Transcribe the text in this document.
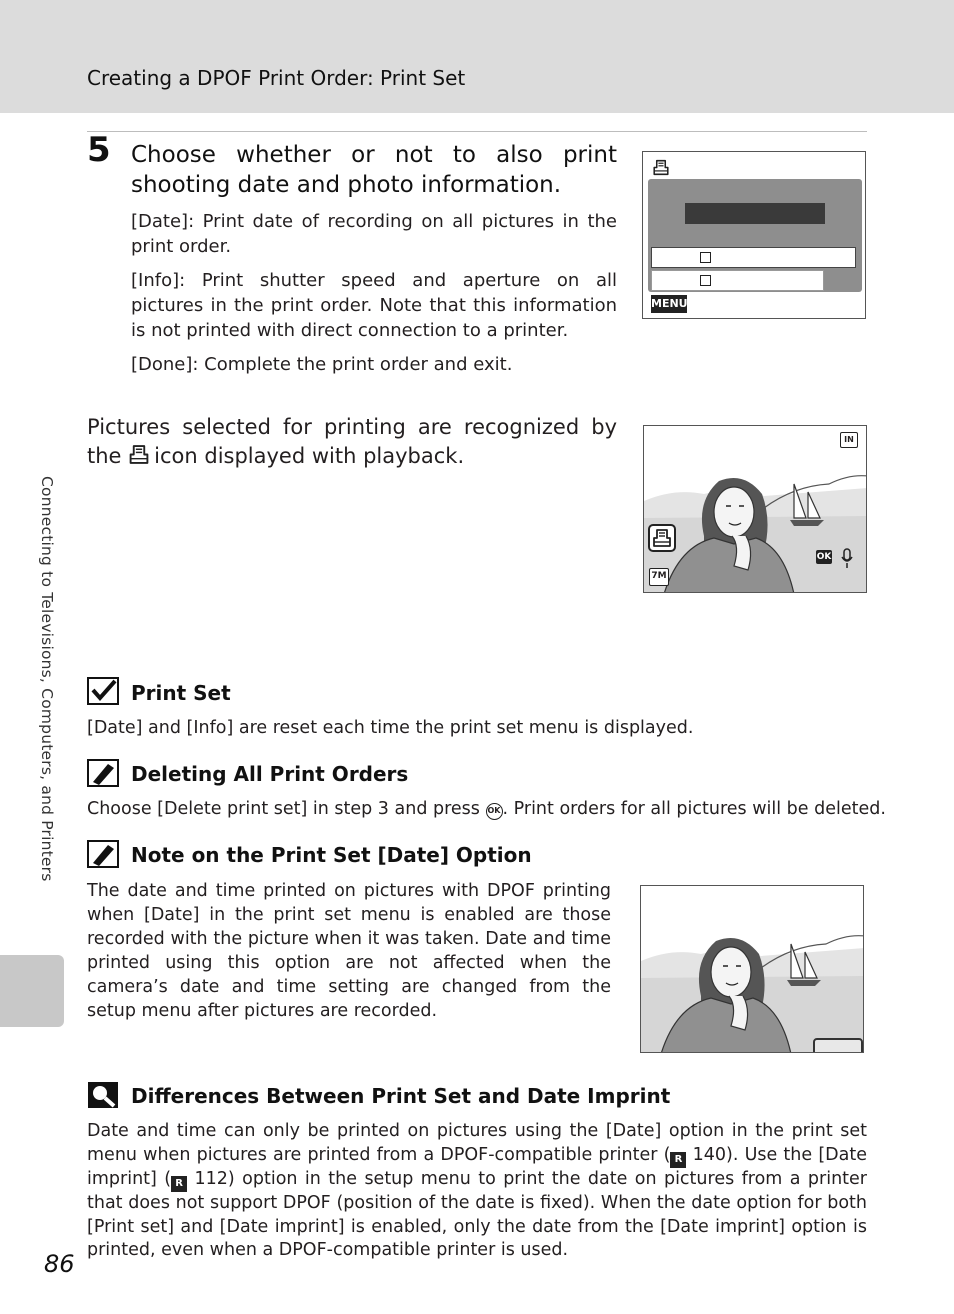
Creating a DPOF Print Order: Print Set
Connecting to Televisions, Computers, and Printers
5 Choose whether or not to also print shooting date and photo information.
[Date]: Print date of recording on all pictures in the print order.
[Info]: Print shutter speed and aperture on all pictures in the print order. Note that this information is not printed with direct connection to a printer.
[Done]: Complete the print order and exit.
MENU
Pictures selected for printing are recognized by the icon displayed with playback.
IN
7M
OK
Print Set
[Date] and [Info] are reset each time the print set menu is displayed.
Deleting All Print Orders
Choose [Delete print set] in step 3 and press OK . Print orders for all pictures will be deleted.
Note on the Print Set [Date] Option
The date and time printed on pictures with DPOF printing when [Date] in the print set menu is enabled are those recorded with the picture when it was taken. Date and time printed using this option are not affected when the camera’s date and time setting are changed from the setup menu after pictures are recorded.
Differences Between Print Set and Date Imprint
Date and time can only be printed on pictures using the [Date] option in the print set menu when pictures are printed from a DPOF-compatible printer ( R 140). Use the [Date imprint] ( R 112) option in the setup menu to print the date on pictures from a printer that does not support DPOF (position of the date is fixed). When the date option for both [Print set] and [Date imprint] is enabled, only the date from the [Date imprint] option is printed, even when a DPOF-compatible printer is used.
86
